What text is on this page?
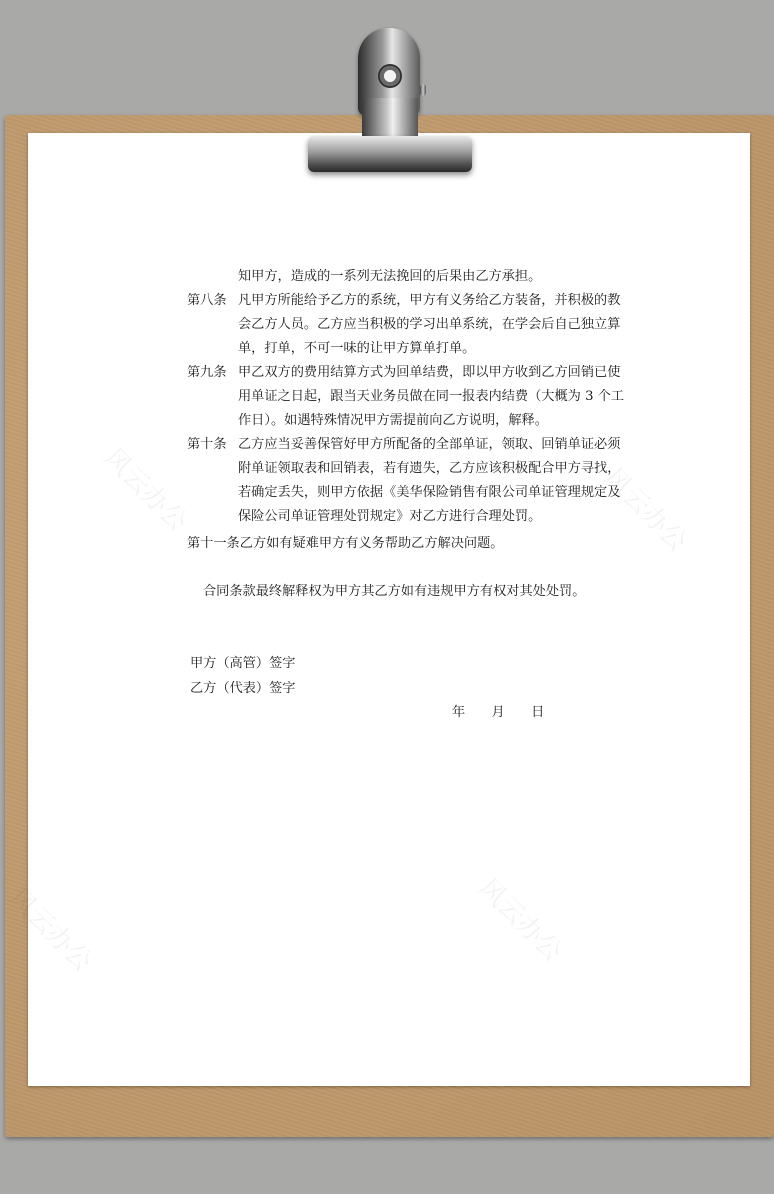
风云办公	风云办公
风云办公	风云办公
知甲方，造成的一系列无法挽回的后果由乙方承担。
第八条 凡甲方所能给予乙方的系统，甲方有义务给乙方装备，并积极的教

会乙方人员。乙方应当积极的学习出单系统，在学会后自己独立算

单，打单，不可一味的让甲方算单打单。

第九条 甲乙双方的费用结算方式为回单结费，即以甲方收到乙方回销已使

用单证之日起，跟当天业务员做在同一报表内结费（大概为 3 个工

作日）。如遇特殊情况甲方需提前向乙方说明，解释。

第十条 乙方应当妥善保管好甲方所配备的全部单证，领取、回销单证必须

附单证领取表和回销表，若有遗失，乙方应该积极配合甲方寻找，

若确定丢失，则甲方依据《美华保险销售有限公司单证管理规定及

保险公司单证管理处罚规定》对乙方进行合理处罚。

第十一条乙方如有疑难甲方有义务帮助乙方解决问题。
合同条款最终解释权为甲方其乙方如有违规甲方有权对其处处罚。
甲方（高管）签字
乙方（代表）签字
年　　月　　日
